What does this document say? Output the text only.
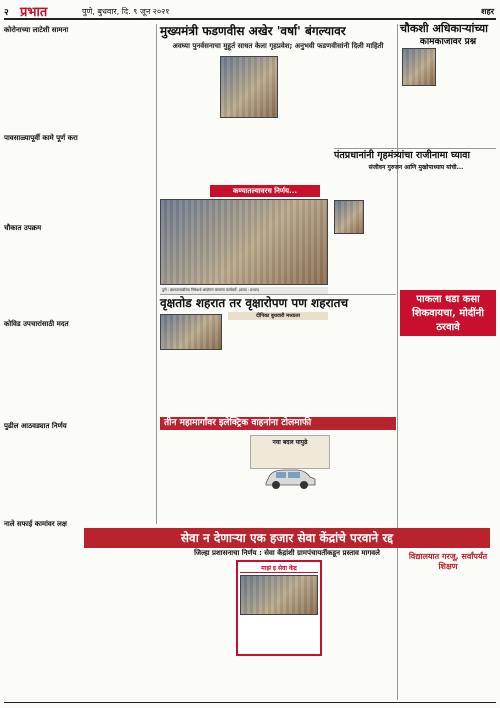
२ प्रभात	पुणे, बुधवार, दि. ९ जून २०२१	शहर
कोरोनाच्या लाटेशी सामना

पावसाळ्यापूर्वी कामे पूर्ण करा

चौकात उपक्रम

कोविड उपचारांसाठी मदत

पुढील आठवड्यात निर्णय

नाले सफाई कामांवर लक्ष

मुख्यमंत्री फडणवीस अखेर 'वर्षा' बंगल्यावर
अवघ्या पुनर्वसनाचा मुहूर्त साधत केला गृहप्रवेश; अनुभवी फडणवीसांनी दिली माहिती

कण्यातल्यावरच निर्णय...
पुणे : इंधनदरवाढीच्या निषेधार्थ आंदोलन करताना कार्यकर्ते. (छाया : प्रभात)
चौकशी अधिकाऱ्यांच्या
कामकाजावर प्रश्न

पंतप्रधानांनी गृहमंत्र्यांचा राजीनामा घ्यावा
संजीवन गुरुजन आणि मुखोपाध्याय यांची...

वृक्षतोड शहरात तर वृक्षारोपण पण शहरातच
दीपिका बुधवारी मध्याला

पाकला धडा कसा शिकवायचा, मोदींनी ठरवावे

तीन महामार्गांवर इलेक्ट्रिक वाहनांना टोलमाफी

नवा बदल यापुढे

सेवा न देणाऱ्या एक हजार सेवा केंद्रांचे परवाने रद्द
जिल्हा प्रशासनाचा निर्णय : सेवा केंद्रांशी ग्रामपंचायतींकडून प्रस्ताव मागवले

माझं इ सेवा केंद्र

विद्यालयात गरजू, सर्वांपर्यंत शिक्षण
